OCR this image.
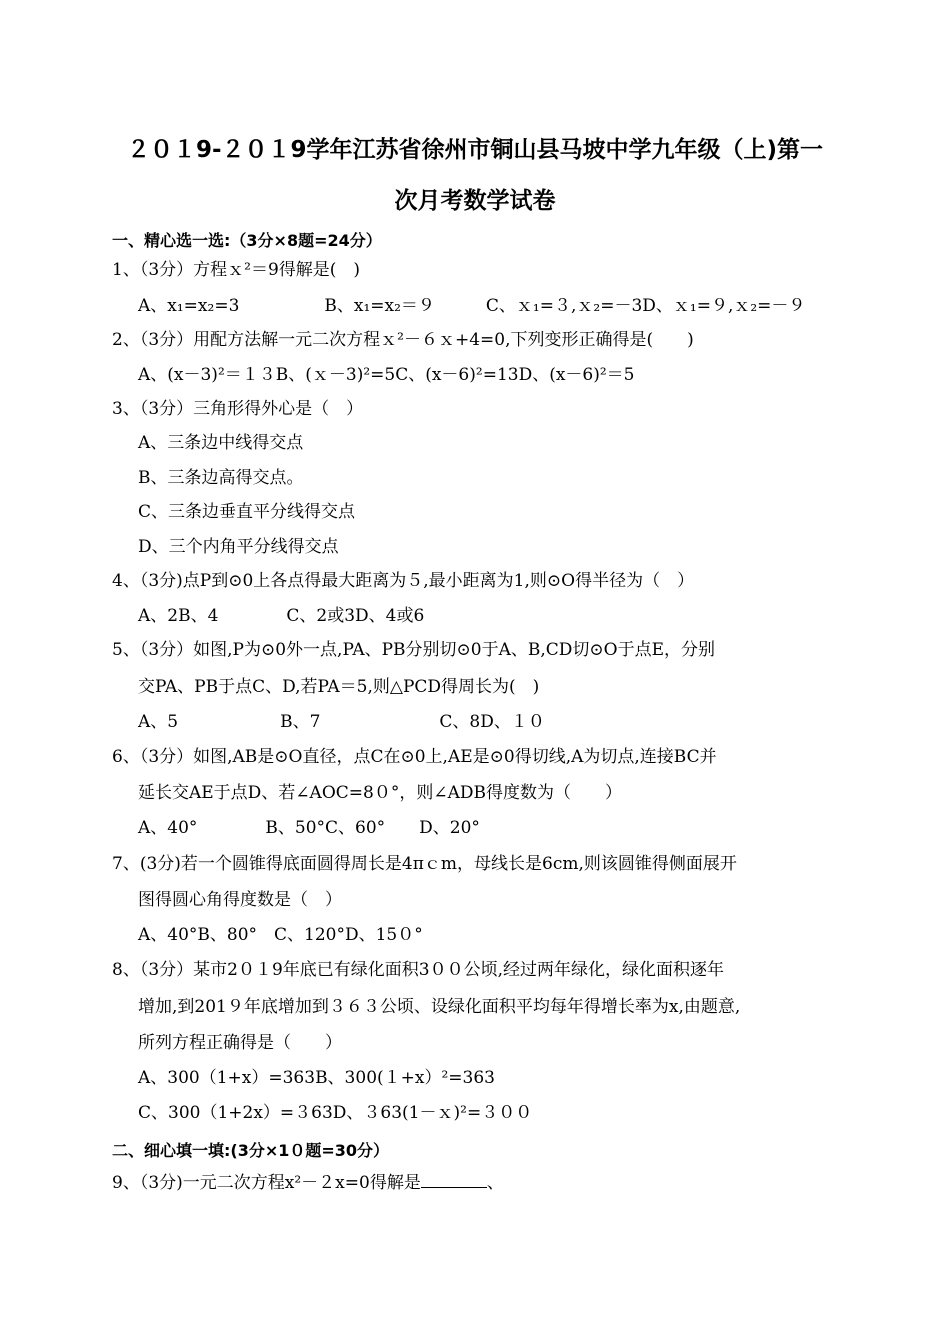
２０１9-２０１9学年江苏省徐州市铜山县马坡中学九年级（上)第一
次月考数学试卷
一、精心选一选:（3分×8题=24分）
1、（3分）方程ｘ²＝9得解是(　)
A、x₁=x₂=3　　　　　B、x₁=x₂＝９　　　C、ｘ₁=３,ｘ₂=－3D、ｘ₁=９,ｘ₂=－９
2、（3分）用配方法解一元二次方程ｘ²－６ｘ+4=0,下列变形正确得是(　　)
A、(x－3)²＝１３B、(ｘ－3)²=5C、(x－6)²=13D、(x－6)²＝5
3、（3分）三角形得外心是（　）
A、三条边中线得交点
B、三条边高得交点。
C、三条边垂直平分线得交点
D、三个内角平分线得交点
4、（3分)点P到⊙0上各点得最大距离为５,最小距离为1,则⊙O得半径为（　）
A、2B、4　　　　C、2或3D、4或6
5、（3分）如图,P为⊙0外一点,PA、PB分别切⊙0于A、B,CD切⊙O于点E，分别
交PA、PB于点C、D,若PA＝5,则△PCD得周长为(　)
A、5　　　　　　B、7　　　　　　　C、8D、１０
6、（3分）如图,AB是⊙O直径，点C在⊙0上,AE是⊙0得切线,A为切点,连接BC并
延长交AE于点D、若∠AOC=8０°，则∠ADB得度数为（　　）
A、40°　　　　B、50°C、60°　　D、20°
7、(3分)若一个圆锥得底面圆得周长是4πｃm，母线长是6cm,则该圆锥得侧面展开
图得圆心角得度数是（　）
A、40°B、80°　C、120°D、15０°
8、（3分）某市2０１9年底已有绿化面积3００公顷,经过两年绿化，绿化面积逐年
增加,到201９年底增加到３６３公顷、设绿化面积平均每年得增长率为x,由题意,
所列方程正确得是（　　）
A、300（1+x）=363B、300(１+x）²=363
C、300（1+2x）=３63D、３63(1－ｘ)²=３００
二、细心填一填:(3分×1０题=30分）
9、（3分)一元二次方程x²－２x=0得解是	、
